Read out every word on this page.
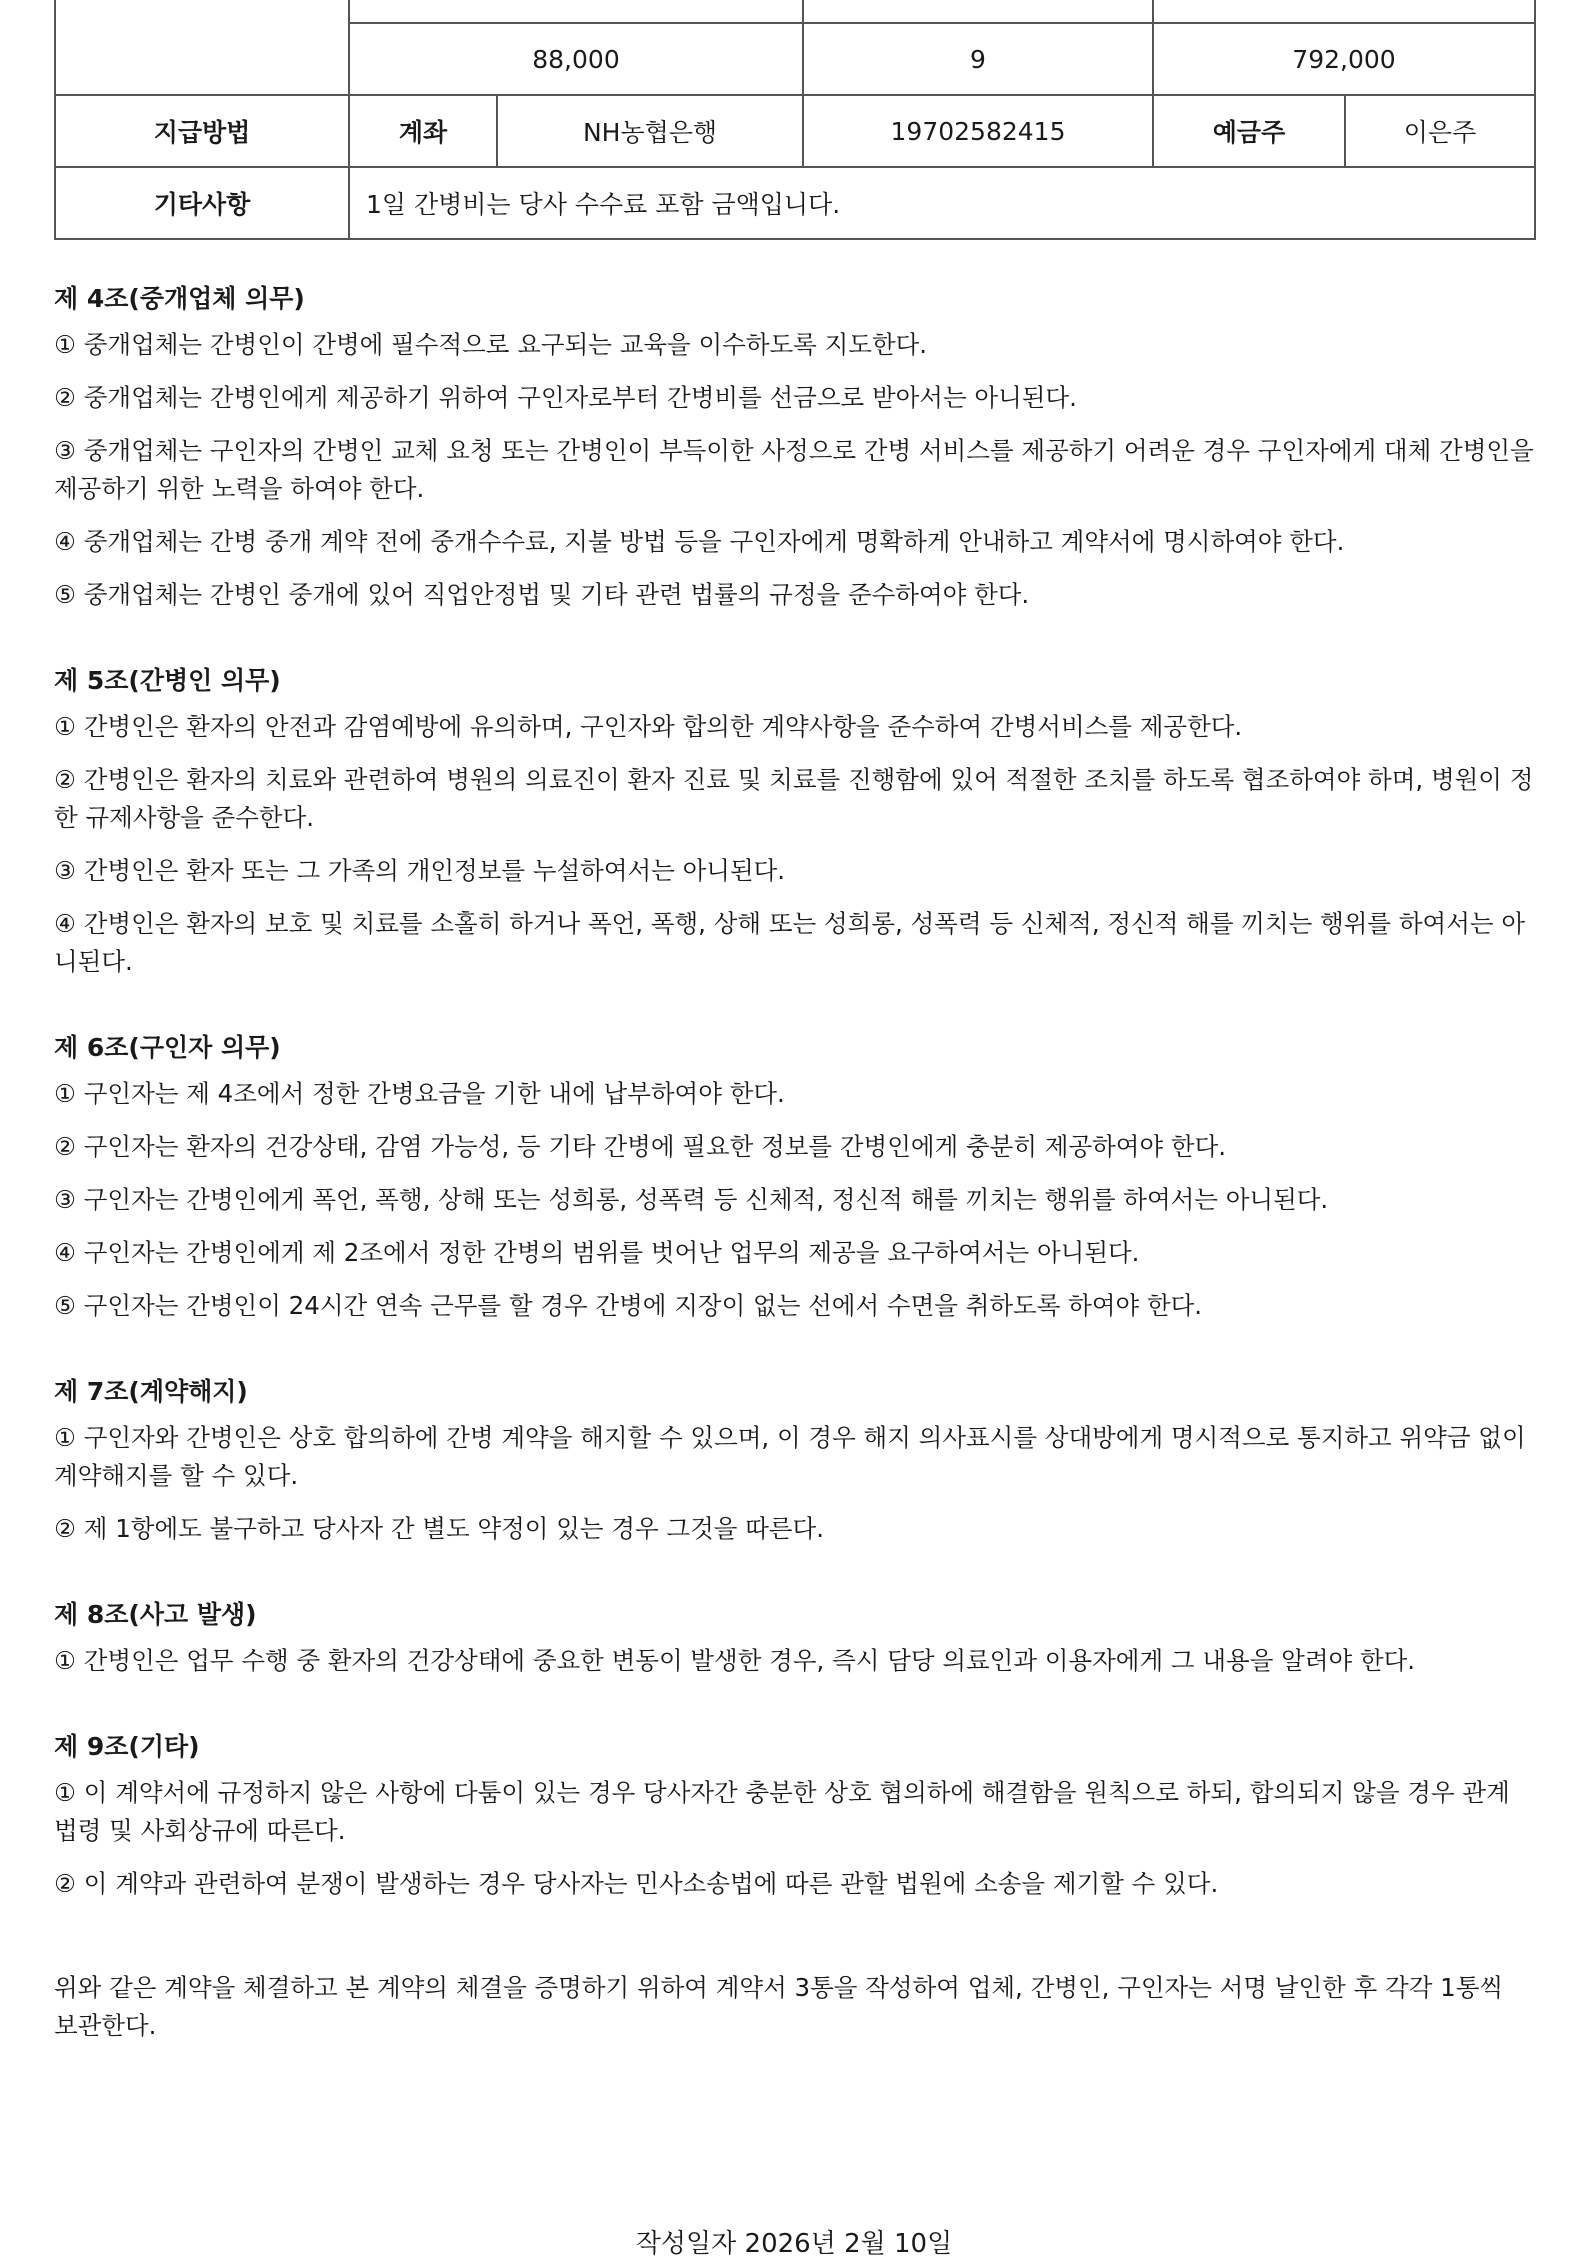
	88,000		9	792,000	
지급방법	계좌	NH농협은행	19702582415	예금주	이은주
기타사항	1일 간병비는 당사 수수료 포함 금액입니다.				
제 4조(중개업체 의무)
① 중개업체는 간병인이 간병에 필수적으로 요구되는 교육을 이수하도록 지도한다.
② 중개업체는 간병인에게 제공하기 위하여 구인자로부터 간병비를 선금으로 받아서는 아니된다.
③ 중개업체는 구인자의 간병인 교체 요청 또는 간병인이 부득이한 사정으로 간병 서비스를 제공하기 어려운 경우 구인자에게 대체 간병인을 제공하기 위한 노력을 하여야 한다.
④ 중개업체는 간병 중개 계약 전에 중개수수료, 지불 방법 등을 구인자에게 명확하게 안내하고 계약서에 명시하여야 한다.
⑤ 중개업체는 간병인 중개에 있어 직업안정법 및 기타 관련 법률의 규정을 준수하여야 한다.
제 5조(간병인 의무)
① 간병인은 환자의 안전과 감염예방에 유의하며, 구인자와 합의한 계약사항을 준수하여 간병서비스를 제공한다.
② 간병인은 환자의 치료와 관련하여 병원의 의료진이 환자 진료 및 치료를 진행함에 있어 적절한 조치를 하도록 협조하여야 하며, 병원이 정한 규제사항을 준수한다.
③ 간병인은 환자 또는 그 가족의 개인정보를 누설하여서는 아니된다.
④ 간병인은 환자의 보호 및 치료를 소홀히 하거나 폭언, 폭행, 상해 또는 성희롱, 성폭력 등 신체적, 정신적 해를 끼치는 행위를 하여서는 아니된다.
제 6조(구인자 의무)
① 구인자는 제 4조에서 정한 간병요금을 기한 내에 납부하여야 한다.
② 구인자는 환자의 건강상태, 감염 가능성, 등 기타 간병에 필요한 정보를 간병인에게 충분히 제공하여야 한다.
③ 구인자는 간병인에게 폭언, 폭행, 상해 또는 성희롱, 성폭력 등 신체적, 정신적 해를 끼치는 행위를 하여서는 아니된다.
④ 구인자는 간병인에게 제 2조에서 정한 간병의 범위를 벗어난 업무의 제공을 요구하여서는 아니된다.
⑤ 구인자는 간병인이 24시간 연속 근무를 할 경우 간병에 지장이 없는 선에서 수면을 취하도록 하여야 한다.
제 7조(계약해지)
① 구인자와 간병인은 상호 합의하에 간병 계약을 해지할 수 있으며, 이 경우 해지 의사표시를 상대방에게 명시적으로 통지하고 위약금 없이 계약해지를 할 수 있다.
② 제 1항에도 불구하고 당사자 간 별도 약정이 있는 경우 그것을 따른다.
제 8조(사고 발생)
① 간병인은 업무 수행 중 환자의 건강상태에 중요한 변동이 발생한 경우, 즉시 담당 의료인과 이용자에게 그 내용을 알려야 한다.
제 9조(기타)
① 이 계약서에 규정하지 않은 사항에 다툼이 있는 경우 당사자간 충분한 상호 협의하에 해결함을 원칙으로 하되, 합의되지 않을 경우 관계 법령 및 사회상규에 따른다.
② 이 계약과 관련하여 분쟁이 발생하는 경우 당사자는 민사소송법에 따른 관할 법원에 소송을 제기할 수 있다.
위와 같은 계약을 체결하고 본 계약의 체결을 증명하기 위하여 계약서 3통을 작성하여 업체, 간병인, 구인자는 서명 날인한 후 각각 1통씩 보관한다.
작성일자 2026년 2월 10일
